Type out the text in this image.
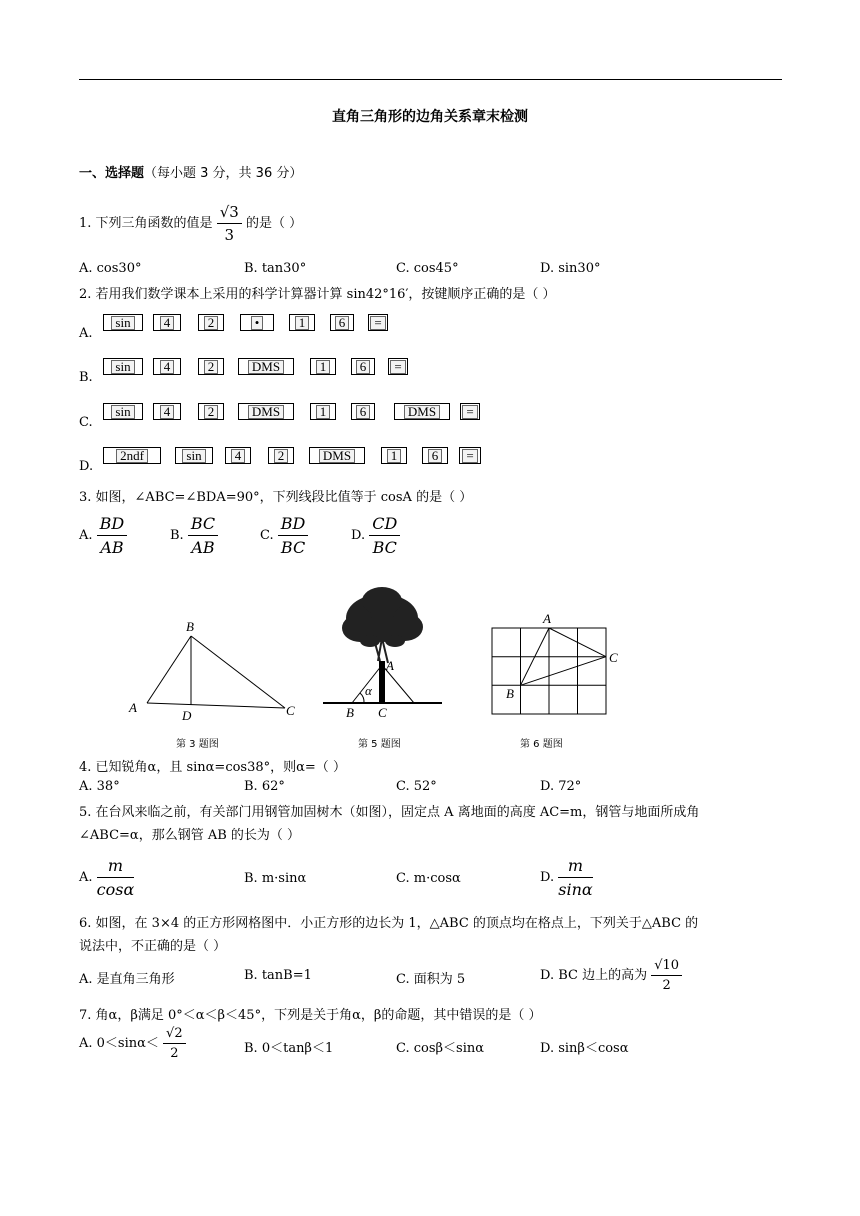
直角三角形的边角关系章末检测
一、选择题（每小题 3 分，共 36 分）
1. 下列三角函数的值是 $\frac{√3}{3}$ 的是（ ）
A. cos30°	B. tan30°	C. cos45°	D. sin30°
2. 若用我们数学课本上采用的科学计算器计算 sin42°16′，按键顺序正确的是（ ）
A.
sin	4	2	•	1	6	=
B.
sin	4	2	DMS	1	6	=
C.
sin	4	2	DMS	1	6	DMS	=
D.
2ndf	sin	4	2	DMS	1	6	=
3. 如图，∠ABC=∠BDA=90°，下列线段比值等于 cosA 的是（ ）
A. $\frac{BD}{AB}$	B. $\frac{BC}{AB}$	C. $\frac{BD}{BC}$	D. $\frac{CD}{BC}$
A
B
C
D
第 3 题图
A
B C
α
第 5 题图
A
B
C
第 6 题图
4. 已知锐角α，且 sinα=cos38°，则α=（ ）
A. 38°	B. 62°	C. 52°	D. 72°
5. 在台风来临之前，有关部门用钢管加固树木（如图），固定点 A 离地面的高度 AC=m，钢管与地面所成角
∠ABC=α，那么钢管 AB 的长为（ ）
A. $\frac{m}{\cos\alpha}$	B. m·sinα	C. m·cosα	D. $\frac{m}{\sin\alpha}$
6. 如图，在 3×4 的正方形网格图中．小正方形的边长为 1，△ABC 的顶点均在格点上，下列关于△ABC 的
说法中，不正确的是（ ）
A. 是直角三角形	B. tanB=1	C. 面积为 5	D. BC 边上的高为 $\frac{√10}{2}$
7. 角α，β满足 0°＜α＜β＜45°，下列是关于角α，β的命题，其中错误的是（ ）
A. $0<\sin\alpha< \frac{√2}{2}$	B. 0＜tanβ＜1	C. cosβ＜sinα	D. sinβ＜cosα
